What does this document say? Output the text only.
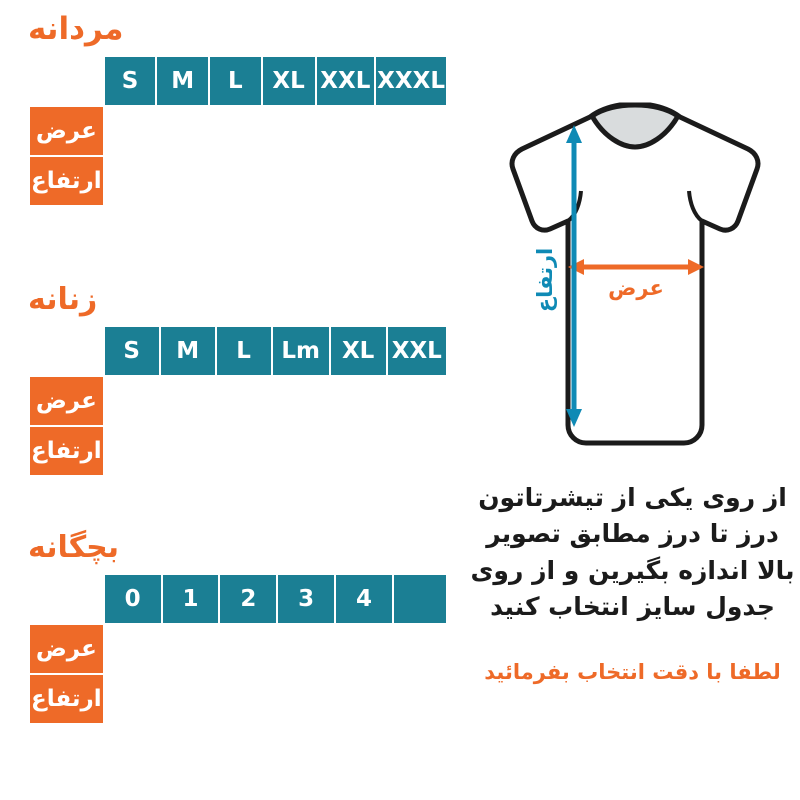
مردانه
	S	M	L	XL	XXL	XXXL
عرض	۴۰	۴۴	۵۰	۵۵	۶۰	۶۵
ارتفاع	۵۶	۶۳	۶۵	۷۰	۷۴	۷۴
زنانه
	S	M	L	Lm	XL	XXL
عرض	۳۲	۳۶	۴۰	۵۰	۵۵	۶۰
ارتفاع	۵۲	۵۸	۶۲	۶۵	۷۰	۷۴
بچگانه
	0	1	2	3	4	
عرض	۲۰	۲۵	۳۰	۳۵	۳۷	
ارتفاع	۳۰	۳۵	۴۰	۴۶	۵۲	
عرض
ارتفاع
از روی یکی از تیشرتاتون درز تا درز مطابق تصویر بالا اندازه بگیرین و از روی جدول سایز انتخاب کنید
لطفا با دقت انتخاب بفرمائید
